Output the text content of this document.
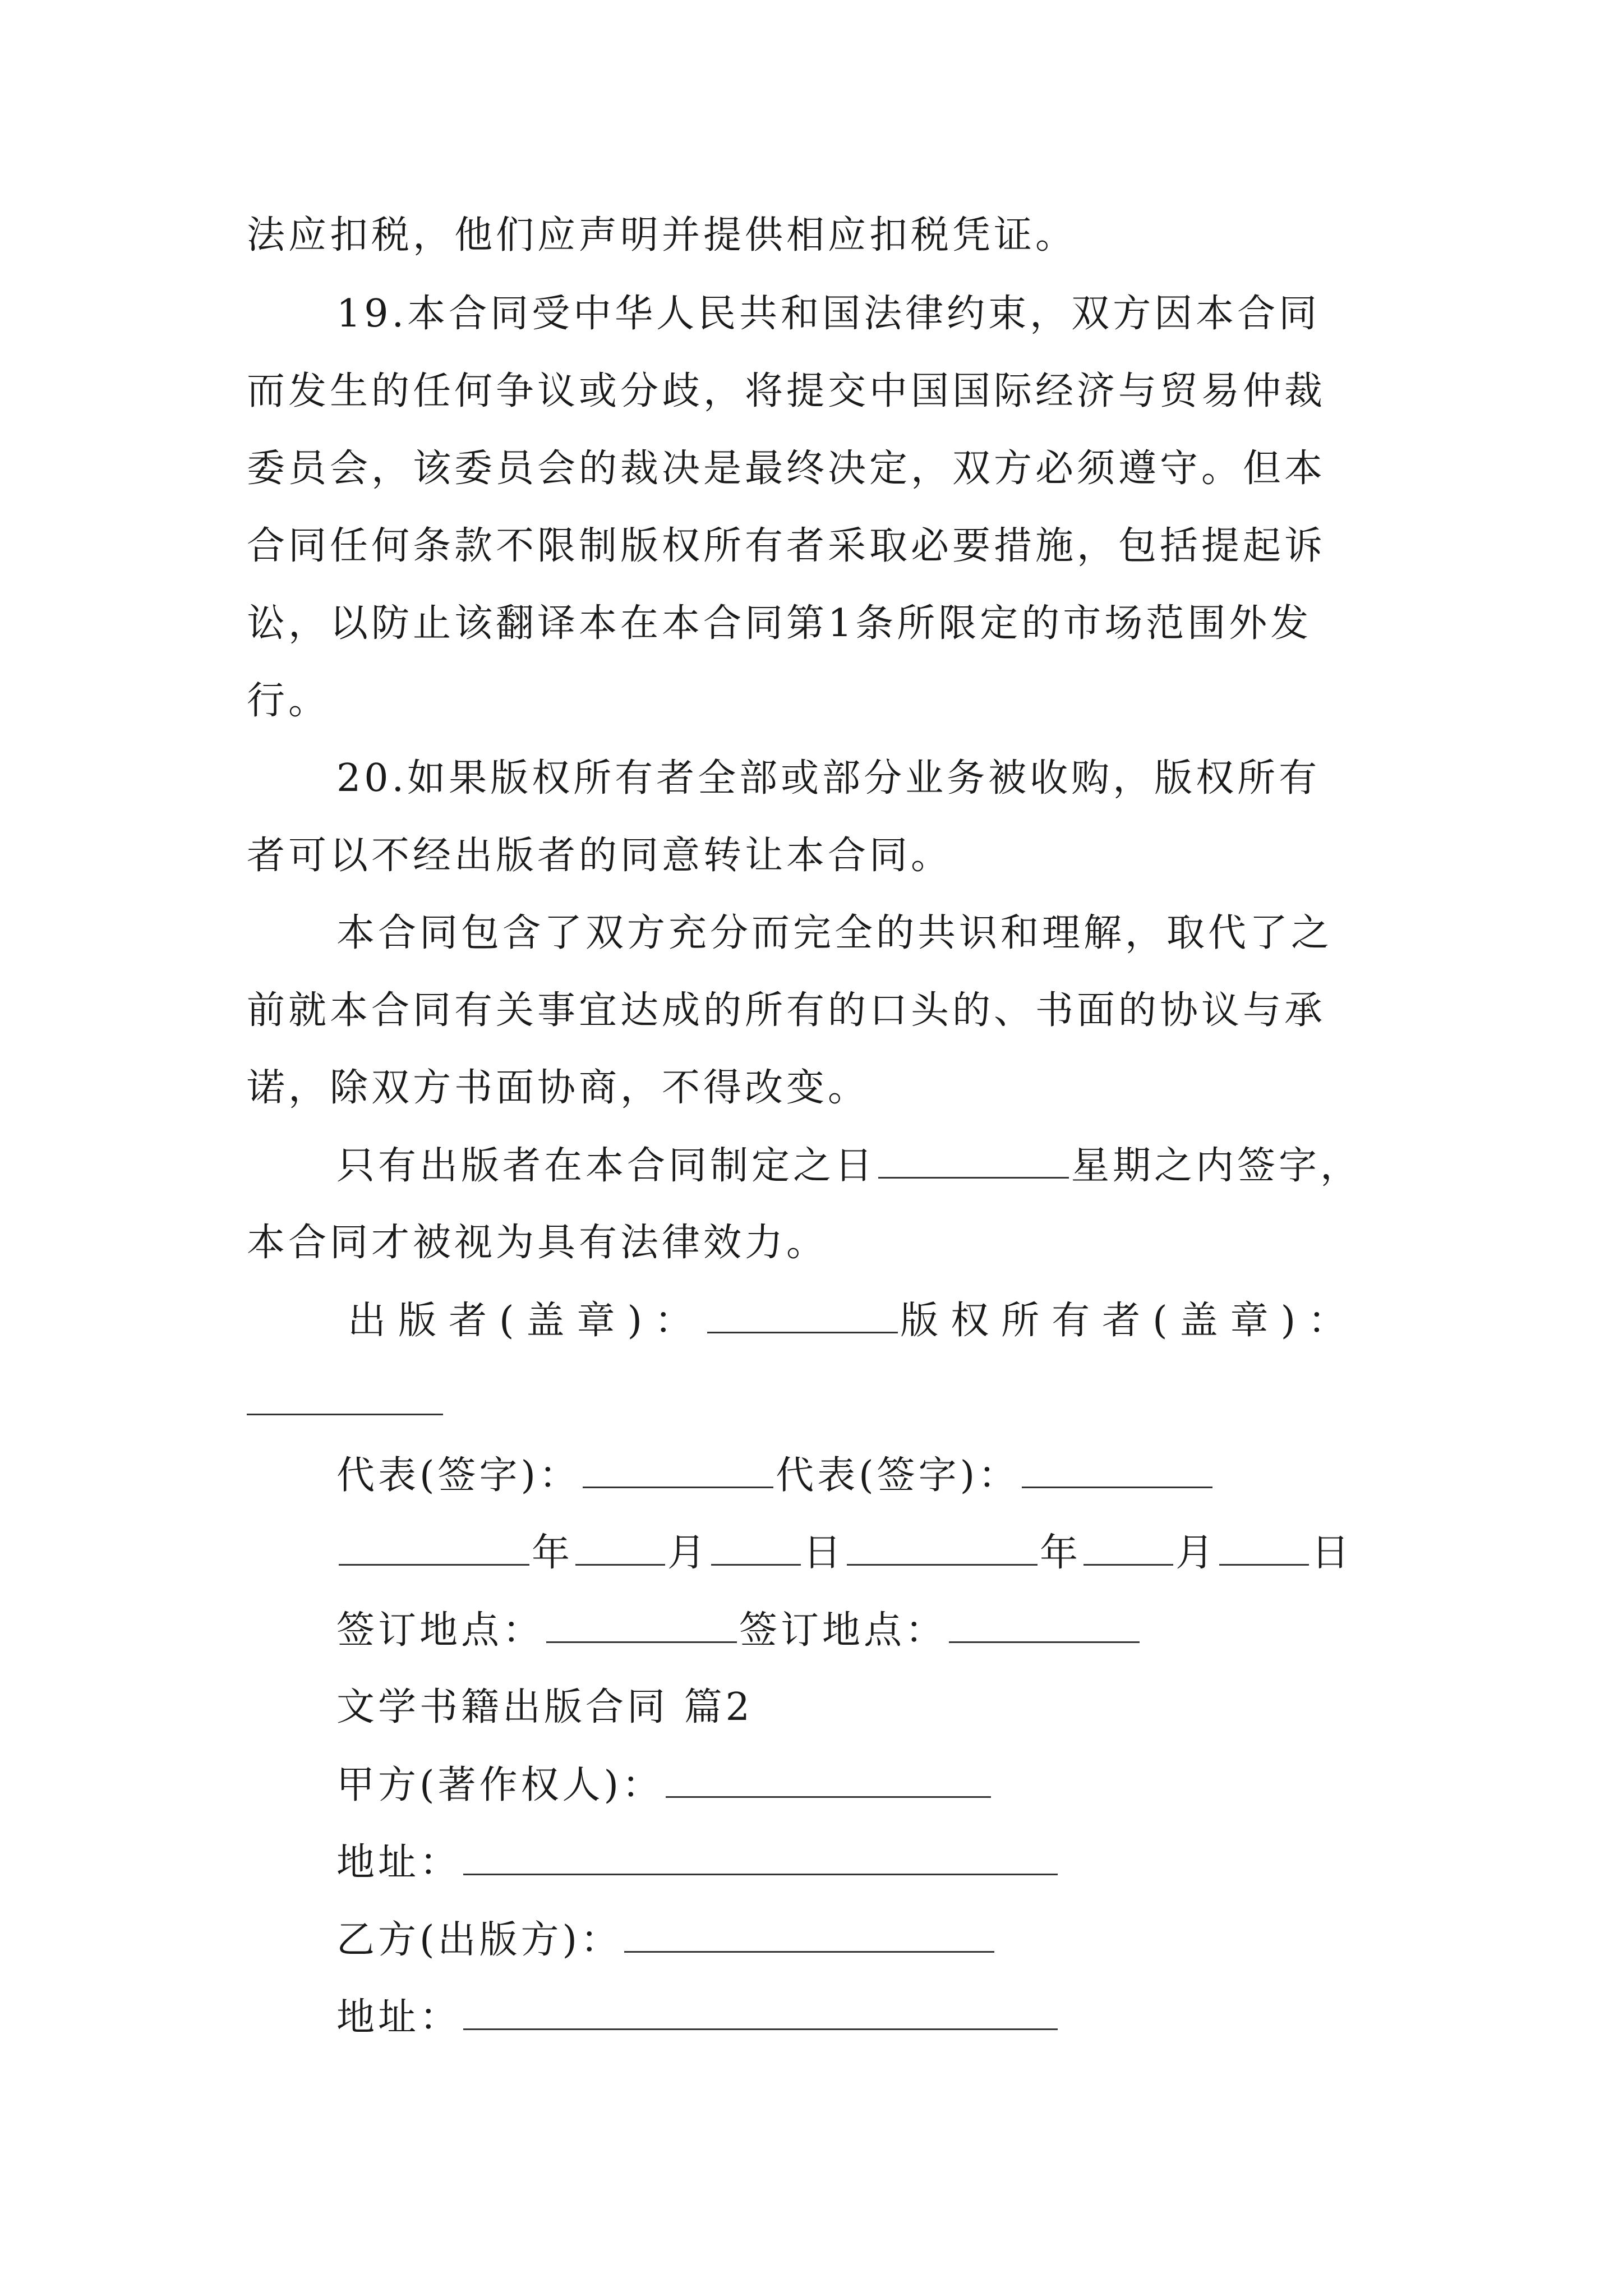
法应扣税，他们应声明并提供相应扣税凭证。
19.本合同受中华人民共和国法律约束，双方因本合同
而发生的任何争议或分歧，将提交中国国际经济与贸易仲裁
委员会，该委员会的裁决是最终决定，双方必须遵守。但本
合同任何条款不限制版权所有者采取必要措施，包括提起诉
讼，以防止该翻译本在本合同第1条所限定的市场范围外发
行。
20.如果版权所有者全部或部分业务被收购，版权所有
者可以不经出版者的同意转让本合同。
本合同包含了双方充分而完全的共识和理解，取代了之
前就本合同有关事宜达成的所有的口头的、书面的协议与承
诺，除双方书面协商，不得改变。
只有出版者在本合同制定之日	星期之内签字，
本合同才被视为具有法律效力。
出版者(盖章)：	版权所有者(盖章)：
代表(签字)：	代表(签字)：
年 月 日	年 月 日
签订地点：	签订地点：
文学书籍出版合同 篇2
甲方(著作权人)：
地址：
乙方(出版方)：
地址：
